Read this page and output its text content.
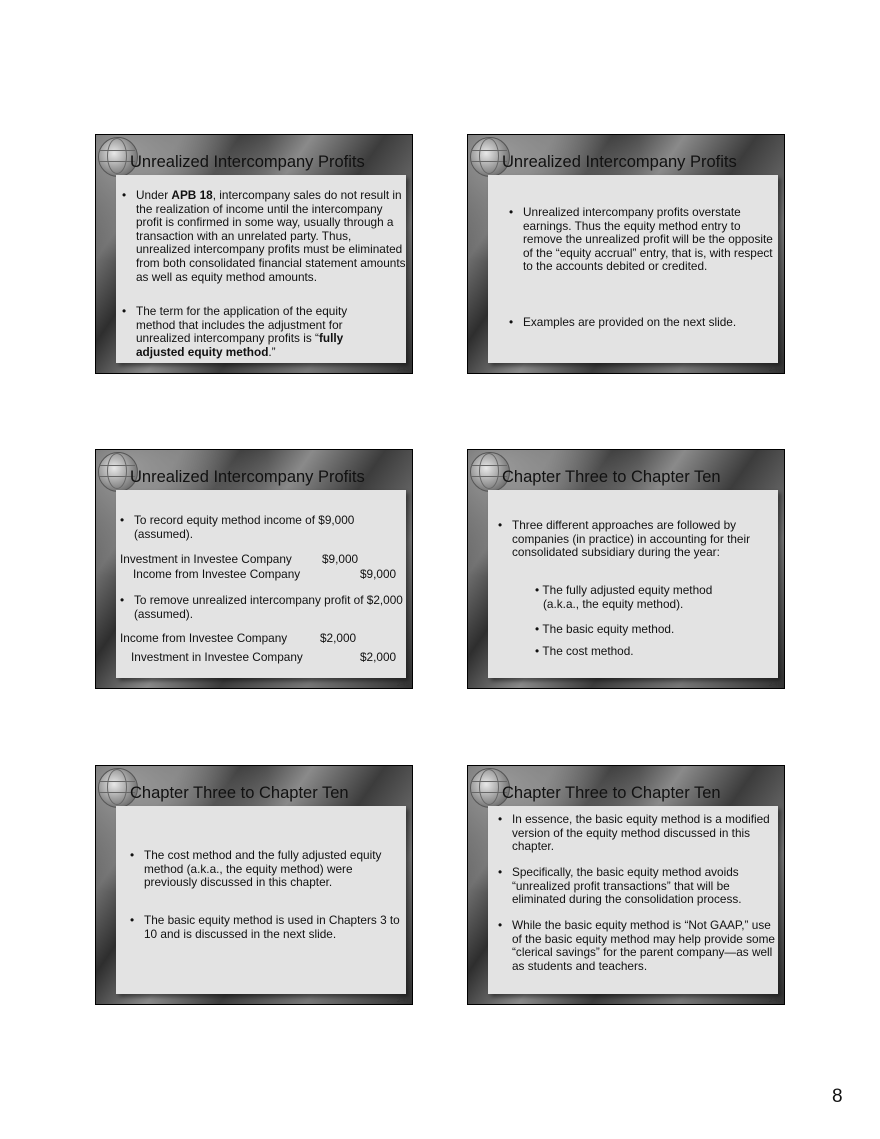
Unrealized Intercompany Profits
• Under APB 18, intercompany sales do not result in the realization of income until the intercompany profit is confirmed in some way, usually through a transaction with an unrelated party. Thus, unrealized intercompany profits must be eliminated from both consolidated financial statement amounts as well as equity method amounts.
• The term for the application of the equity method that includes the adjustment for unrealized intercompany profits is “fully adjusted equity method.”
2-43
Unrealized Intercompany Profits
• Unrealized intercompany profits overstate earnings. Thus the equity method entry to remove the unrealized profit will be the opposite of the “equity accrual” entry, that is, with respect to the accounts debited or credited.
• Examples are provided on the next slide.
2-44
Unrealized Intercompany Profits
• To record equity method income of $9,000 (assumed).
Investment in Investee Company	$9,000
Income from Investee Company	$9,000
• To remove unrealized intercompany profit of $2,000 (assumed).
Income from Investee Company	$2,000
Investment in Investee Company	$2,000
2-45
Chapter Three to Chapter Ten
• Three different approaches are followed by companies (in practice) in accounting for their consolidated subsidiary during the year:
• The fully adjusted equity method (a.k.a., the equity method).
• The basic equity method.
• The cost method.
2-46
Chapter Three to Chapter Ten
• The cost method and the fully adjusted equity method (a.k.a., the equity method) were previously discussed in this chapter.
• The basic equity method is used in Chapters 3 to 10 and is discussed in the next slide.
2-47
Chapter Three to Chapter Ten
• In essence, the basic equity method is a modified version of the equity method discussed in this chapter.
• Specifically, the basic equity method avoids “unrealized profit transactions” that will be eliminated during the consolidation process.
• While the basic equity method is “Not GAAP,” use of the basic equity method may help provide some “clerical savings” for the parent company—as well as students and teachers.
2-48
8
